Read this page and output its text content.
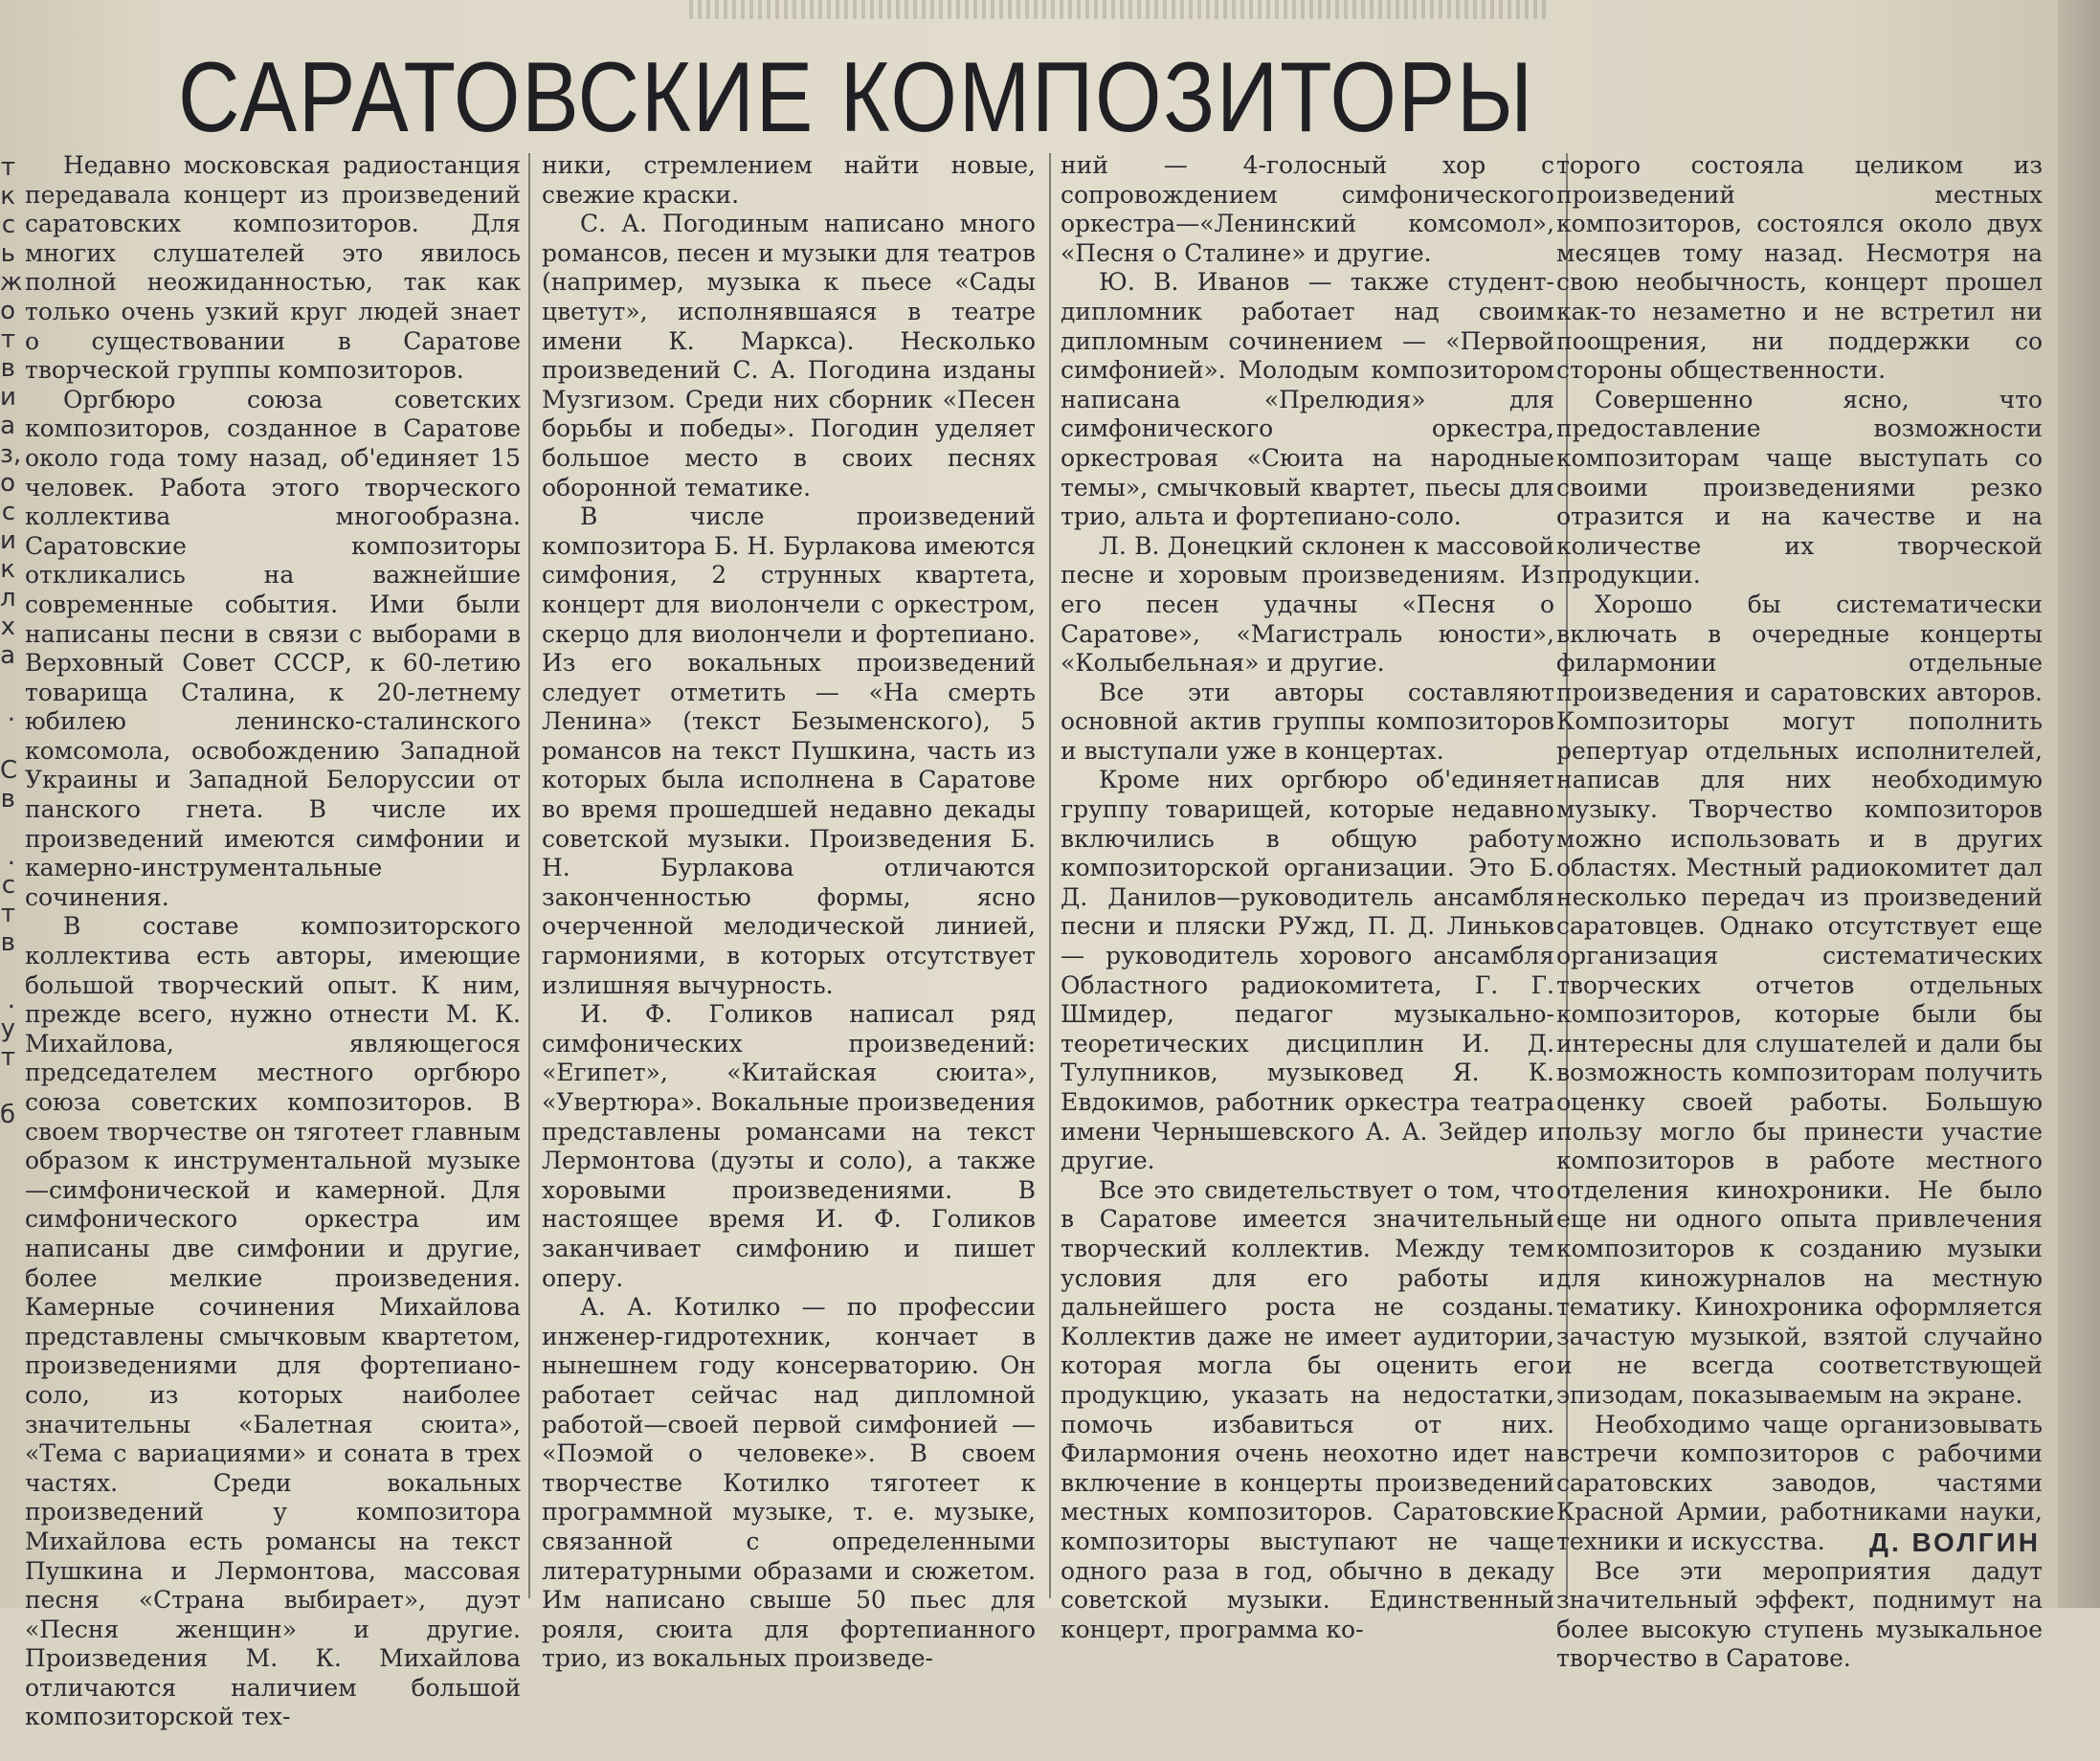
т
к
с
ь
ж
о
т
в
и
а
з,
о
с
и
к
л
х
а

.

С
в

.
с
т
в

.
у
т

б
САРАТОВСКИЕ КОМПОЗИТОРЫ

Недавно московская радиостанция передавала концерт из произведений саратовских композиторов. Для многих слушателей это явилось полной неожиданностью, так как только очень узкий круг людей знает о существовании в Саратове творческой группы композиторов.

Оргбюро союза советских композиторов, созданное в Саратове около года тому назад, об'единяет 15 человек. Работа этого творческого коллектива многообразна. Саратовские композиторы откликались на важнейшие современные события. Ими были написаны песни в связи с выборами в Верховный Совет СССР, к 60-летию товарища Сталина, к 20-летнему юбилею ленинско-сталинского комсомола, освобождению Западной Украины и Западной Белоруссии от панского гнета. В числе их произведений имеются симфонии и камерно-инструментальные сочинения.

В составе композиторского коллектива есть авторы, имеющие большой творческий опыт. К ним, прежде всего, нужно отнести М. К. Михайлова, являющегося председателем местного оргбюро союза советских композиторов. В своем творчестве он тяготеет главным образом к инструментальной музыке—симфонической и камерной. Для симфонического оркестра им написаны две симфонии и другие, более мелкие произведения. Камерные сочинения Михайлова представлены смычковым квартетом, произведениями для фортепиано-соло, из которых наиболее значительны «Балетная сюита», «Тема с вариациями» и соната в трех частях. Среди вокальных произведений у композитора Михайлова есть романсы на текст Пушкина и Лермонтова, массовая песня «Страна выбирает», дуэт «Песня женщин» и другие. Произведения М. К. Михайлова отличаются наличием большой композиторской тех-

ники, стремлением найти новые, свежие краски.

С. А. Погодиным написано много романсов, песен и музыки для театров (например, музыка к пьесе «Сады цветут», исполнявшаяся в театре имени К. Маркса). Несколько произведений С. А. Погодина изданы Музгизом. Среди них сборник «Песен борьбы и победы». Погодин уделяет большое место в своих песнях оборонной тематике.

В числе произведений композитора Б. Н. Бурлакова имеются симфония, 2 струнных квартета, концерт для виолончели с оркестром, скерцо для виолончели и фортепиано. Из его вокальных произведений следует отметить — «На смерть Ленина» (текст Безыменского), 5 романсов на текст Пушкина, часть из которых была исполнена в Саратове во время прошедшей недавно декады советской музыки. Произведения Б. Н. Бурлакова отличаются законченностью формы, ясно очерченной мелодической линией, гармониями, в которых отсутствует излишняя вычурность.

И. Ф. Голиков написал ряд симфонических произведений: «Египет», «Китайская сюита», «Увертюра». Вокальные произведения представлены романсами на текст Лермонтова (дуэты и соло), а также хоровыми произведениями. В настоящее время И. Ф. Голиков заканчивает симфонию и пишет оперу.

А. А. Котилко — по профессии инженер-гидротехник, кончает в нынешнем году консерваторию. Он работает сейчас над дипломной работой—своей первой симфонией — «Поэмой о человеке». В своем творчестве Котилко тяготеет к программной музыке, т. е. музыке, связанной с определенными литературными образами и сюжетом. Им написано свыше 50 пьес для рояля, сюита для фортепианного трио, из вокальных произведе-

ний — 4-голосный хор с сопровождением симфонического оркестра—«Ленинский комсомол», «Песня о Сталине» и другие.

Ю. В. Иванов — также студент-дипломник работает над своим дипломным сочинением — «Первой симфонией». Молодым композитором написана «Прелюдия» для симфонического оркестра, оркестровая «Сюита на народные темы», смычковый квартет, пьесы для трио, альта и фортепиано-соло.

Л. В. Донецкий склонен к массовой песне и хоровым произведениям. Из его песен удачны «Песня о Саратове», «Магистраль юности», «Колыбельная» и другие.

Все эти авторы составляют основной актив группы композиторов и выступали уже в концертах.

Кроме них оргбюро об'единяет группу товарищей, которые недавно включились в общую работу композиторской организации. Это Б. Д. Данилов—руководитель ансамбля песни и пляски РУжд, П. Д. Линьков — руководитель хорового ансамбля Областного радиокомитета, Г. Г. Шмидер, педагог музыкально-теоретических дисциплин И. Д. Тулупников, музыковед Я. К. Евдокимов, работник оркестра театра имени Чернышевского А. А. Зейдер и другие.

Все это свидетельствует о том, что в Саратове имеется значительный творческий коллектив. Между тем условия для его работы и дальнейшего роста не созданы. Коллектив даже не имеет аудитории, которая могла бы оценить его продукцию, указать на недостатки, помочь избавиться от них. Филармония очень неохотно идет на включение в концерты произведений местных композиторов. Саратовские композиторы выступают не чаще одного раза в год, обычно в декаду советской музыки. Единственный концерт, программа ко-

торого состояла целиком из произведений местных композиторов, состоялся около двух месяцев тому назад. Несмотря на свою необычность, концерт прошел как-то незаметно и не встретил ни поощрения, ни поддержки со стороны общественности.

Совершенно ясно, что предоставление возможности композиторам чаще выступать со своими произведениями резко отразится и на качестве и на количестве их творческой продукции.

Хорошо бы систематически включать в очередные концерты филармонии отдельные произведения и саратовских авторов. Композиторы могут пополнить репертуар отдельных исполнителей, написав для них необходимую музыку. Творчество композиторов можно использовать и в других областях. Местный радиокомитет дал несколько передач из произведений саратовцев. Однако отсутствует еще организация систематических творческих отчетов отдельных композиторов, которые были бы интересны для слушателей и дали бы возможность композиторам получить оценку своей работы. Большую пользу могло бы принести участие композиторов в работе местного отделения кинохроники. Не было еще ни одного опыта привлечения композиторов к созданию музыки для киножурналов на местную тематику. Кинохроника оформляется зачастую музыкой, взятой случайно и не всегда соответствующей эпизодам, показываемым на экране.

Необходимо чаще организовывать встречи композиторов с рабочими саратовских заводов, частями Красной Армии, работниками науки, техники и искусства.

Все эти мероприятия дадут значительный эффект, поднимут на более высокую ступень музыкальное творчество в Саратове.

Д. ВОЛГИН
